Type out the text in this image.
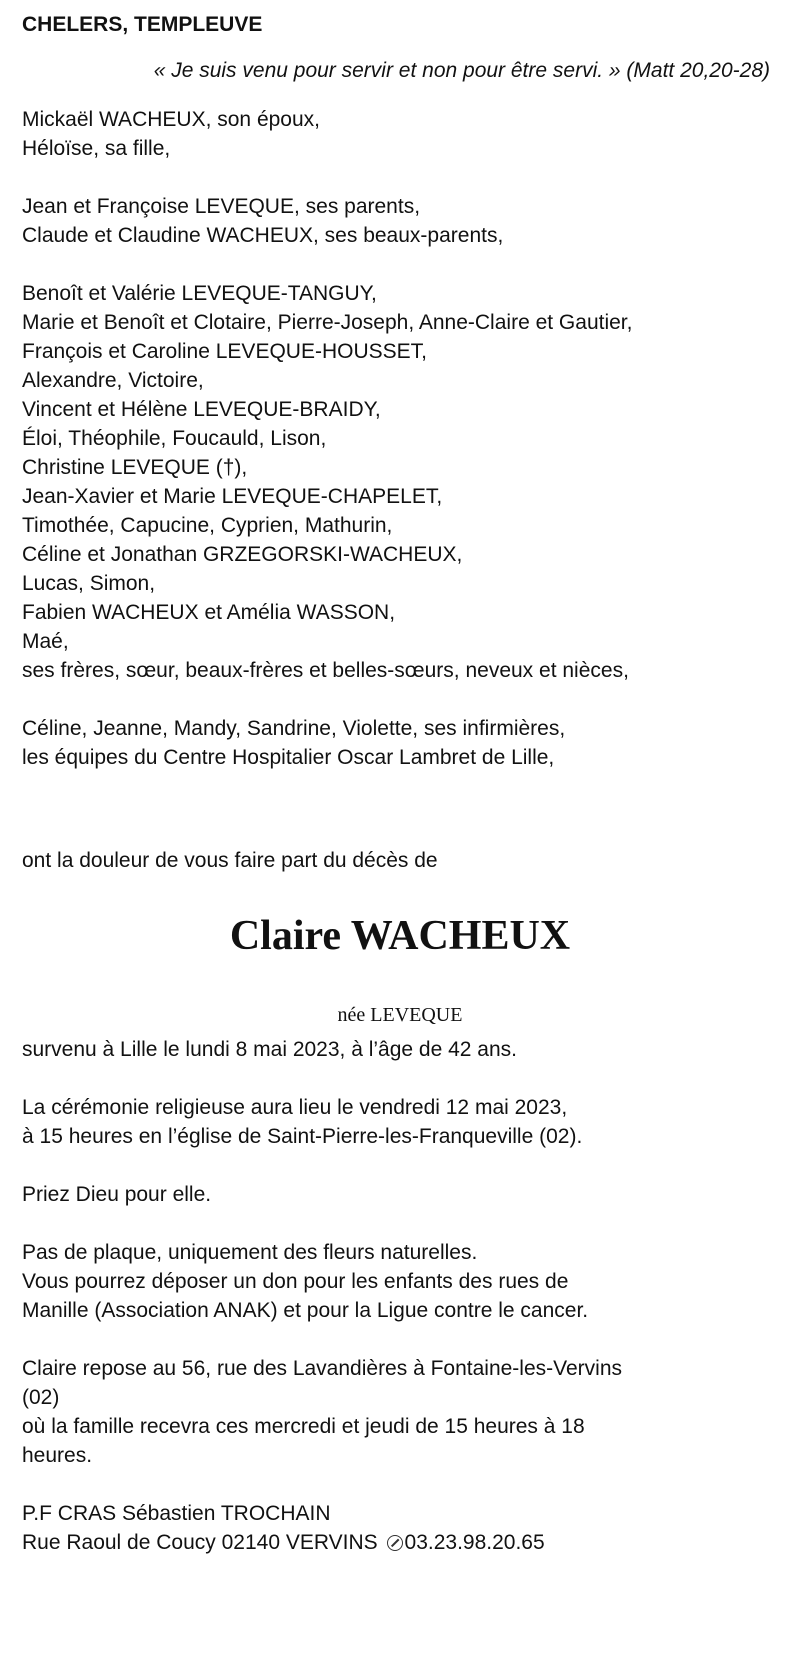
CHELERS, TEMPLEUVE
« Je suis venu pour servir et non pour être servi. » (Matt 20,20-28)
Mickaël WACHEUX, son époux,
Héloïse, sa fille,
Jean et Françoise LEVEQUE, ses parents,
Claude et Claudine WACHEUX, ses beaux-parents,
Benoît et Valérie LEVEQUE-TANGUY,
Marie et Benoît et Clotaire, Pierre-Joseph, Anne-Claire et Gautier,
François et Caroline LEVEQUE-HOUSSET,
Alexandre, Victoire,
Vincent et Hélène LEVEQUE-BRAIDY,
Éloi, Théophile, Foucauld, Lison,
Christine LEVEQUE (†),
Jean-Xavier et Marie LEVEQUE-CHAPELET,
Timothée, Capucine, Cyprien, Mathurin,
Céline et Jonathan GRZEGORSKI-WACHEUX,
Lucas, Simon,
Fabien WACHEUX et Amélia WASSON,
Maé,
ses frères, sœur, beaux-frères et belles-sœurs, neveux et nièces,
Céline, Jeanne, Mandy, Sandrine, Violette, ses infirmières,
les équipes du Centre Hospitalier Oscar Lambret de Lille,
ont la douleur de vous faire part du décès de
Claire WACHEUX
née LEVEQUE
survenu à Lille le lundi 8 mai 2023, à l’âge de 42 ans.
La cérémonie religieuse aura lieu le vendredi 12 mai 2023,
à 15 heures en l’église de Saint-Pierre-les-Franqueville (02).
Priez Dieu pour elle.
Pas de plaque, uniquement des fleurs naturelles.
Vous pourrez déposer un don pour les enfants des rues de
Manille (Association ANAK) et pour la Ligue contre le cancer.
Claire repose au 56, rue des Lavandières à Fontaine-les-Vervins
(02)
où la famille recevra ces mercredi et jeudi de 15 heures à 18
heures.
P.F CRAS Sébastien TROCHAIN
Rue Raoul de Coucy 02140 VERVINS 03.23.98.20.65
